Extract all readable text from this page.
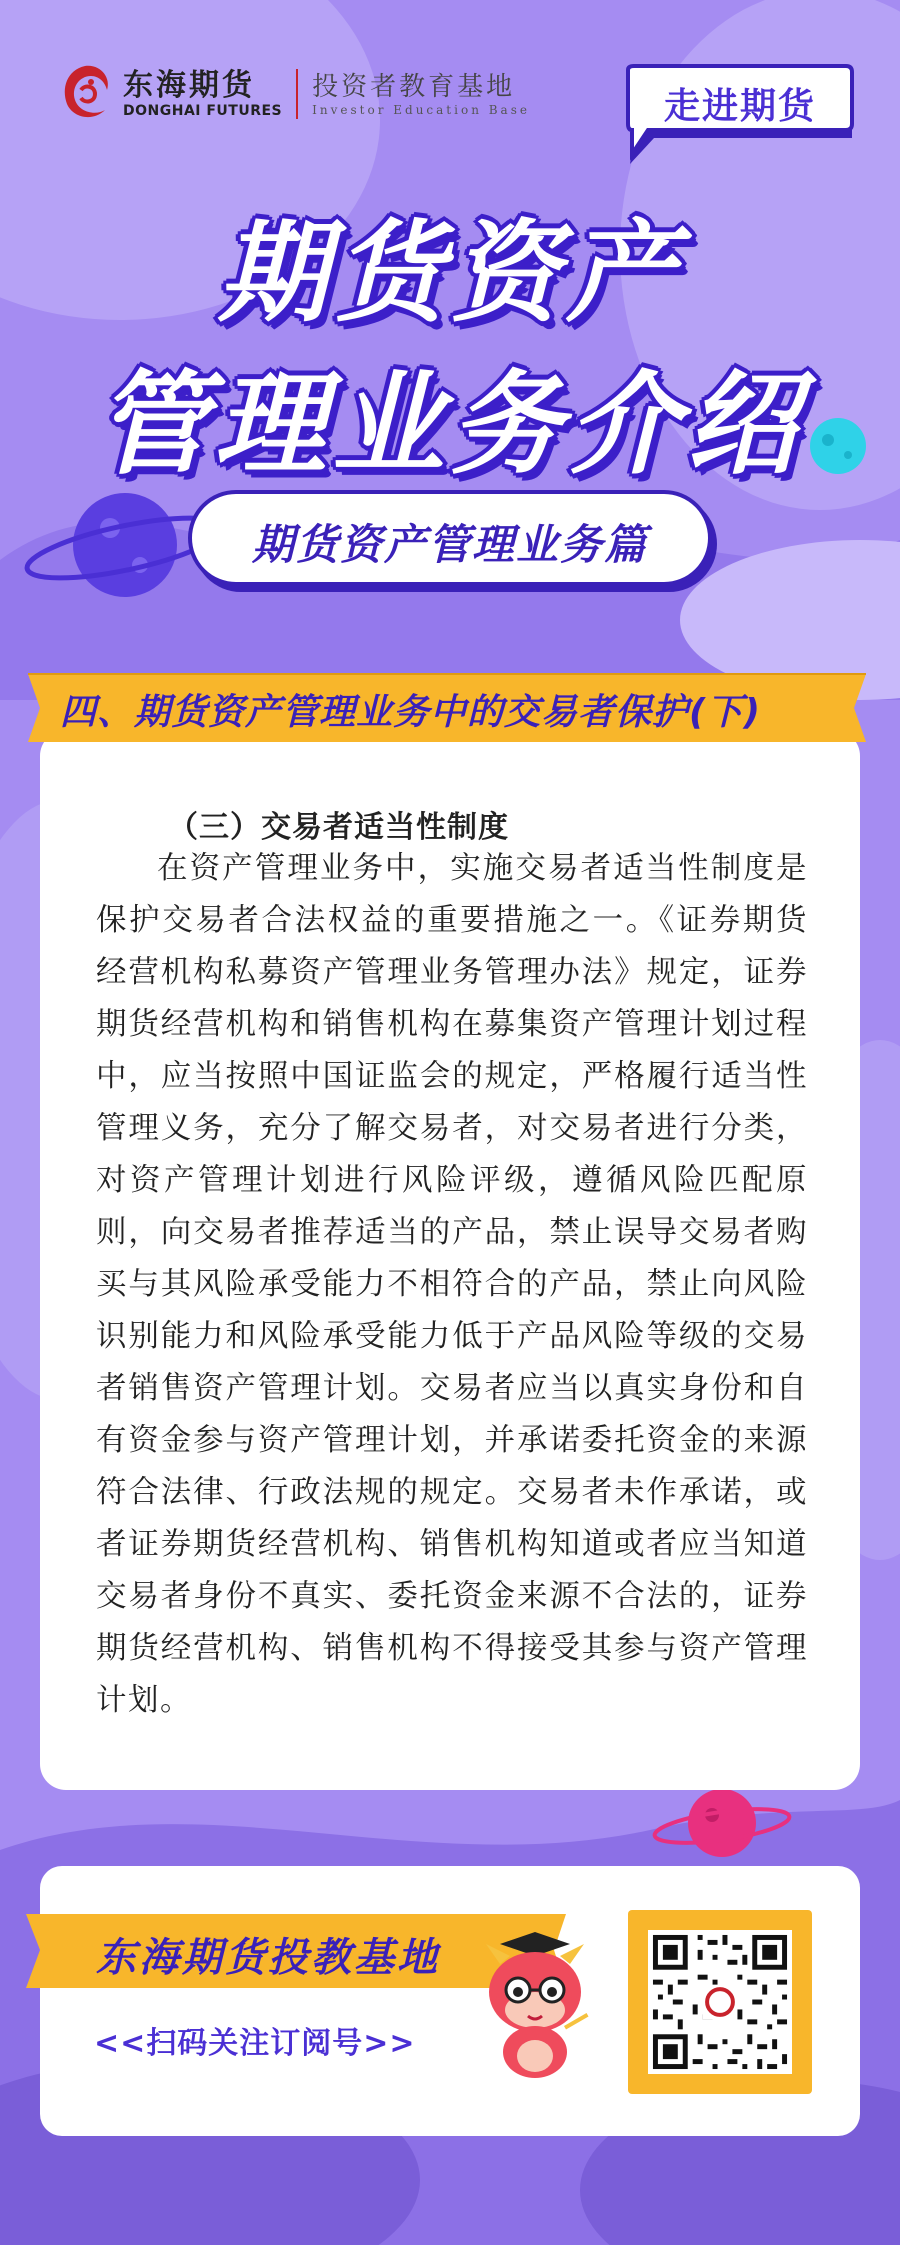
东海期货
DONGHAI FUTURES
投资者教育基地
Investor Education Base	走进期货
期货资产
管理业务介绍
期货资产管理业务篇
四、期货资产管理业务中的交易者保护(下)
（三）交易者适当性制度
在资产管理业务中，实施交易者适当性制度是保护交易者合法权益的重要措施之一。《证券期货经营机构私募资产管理业务管理办法》规定，证券期货经营机构和销售机构在募集资产管理计划过程中，应当按照中国证监会的规定，严格履行适当性管理义务，充分了解交易者，对交易者进行分类，对资产管理计划进行风险评级，遵循风险匹配原则，向交易者推荐适当的产品，禁止误导交易者购买与其风险承受能力不相符合的产品，禁止向风险识别能力和风险承受能力低于产品风险等级的交易者销售资产管理计划。交易者应当以真实身份和自有资金参与资产管理计划，并承诺委托资金的来源符合法律、行政法规的规定。交易者未作承诺，或者证券期货经营机构、销售机构知道或者应当知道交易者身份不真实、委托资金来源不合法的，证券期货经营机构、销售机构不得接受其参与资产管理计划。
东海期货投教基地
<<扫码关注订阅号>>
